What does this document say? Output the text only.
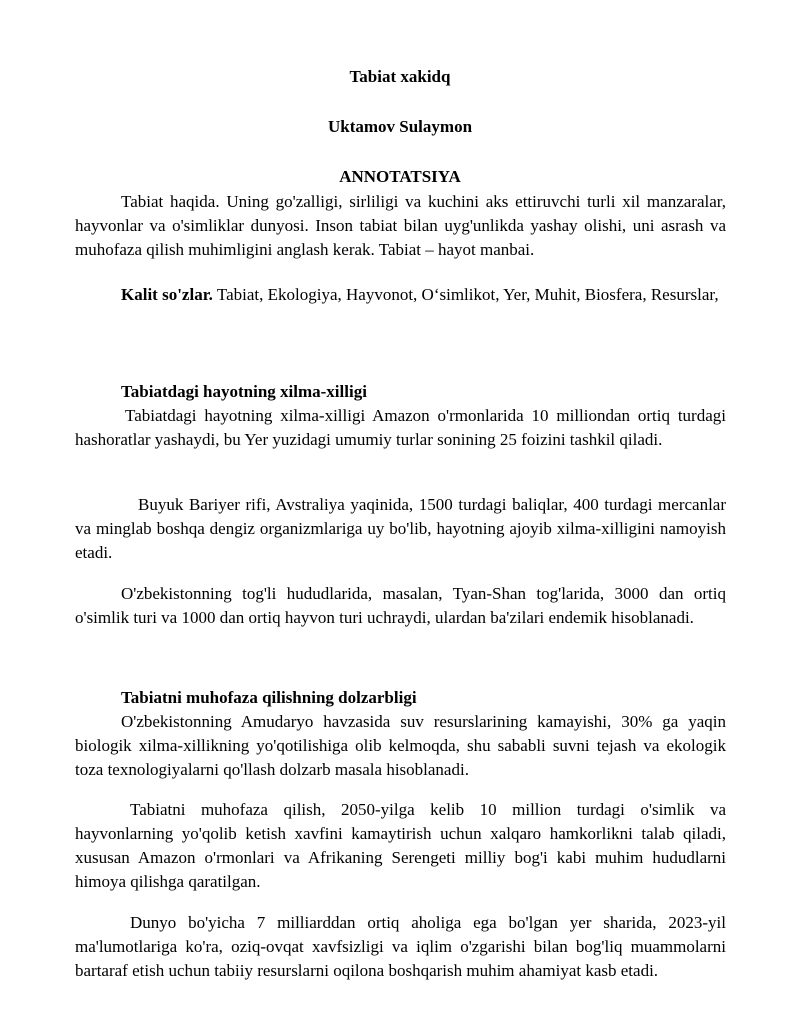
Tabiat xakidq
Uktamov Sulaymon
ANNOTATSIYA
Tabiat haqida. Uning go'zalligi, sirliligi va kuchini aks ettiruvchi turli xil manzaralar, hayvonlar va o'simliklar dunyosi. Inson tabiat bilan uyg'unlikda yashay olishi, uni asrash va muhofaza qilish muhimligini anglash kerak. Tabiat – hayot manbai.
Kalit so'zlar. Tabiat, Ekologiya, Hayvonot, O‘simlikot, Yer, Muhit, Biosfera, Resurslar,
Tabiatdagi hayotning xilma-xilligi
Tabiatdagi hayotning xilma-xilligi Amazon o'rmonlarida 10 milliondan ortiq turdagi hashoratlar yashaydi, bu Yer yuzidagi umumiy turlar sonining 25 foizini tashkil qiladi.
Buyuk Bariyer rifi, Avstraliya yaqinida, 1500 turdagi baliqlar, 400 turdagi mercanlar va minglab boshqa dengiz organizmlariga uy bo'lib, hayotning ajoyib xilma-xilligini namoyish etadi.
O'zbekistonning tog'li hududlarida, masalan, Tyan-Shan tog'larida, 3000 dan ortiq o'simlik turi va 1000 dan ortiq hayvon turi uchraydi, ulardan ba'zilari endemik hisoblanadi.
Tabiatni muhofaza qilishning dolzarbligi
O'zbekistonning Amudaryo havzasida suv resurslarining kamayishi, 30% ga yaqin biologik xilma-xillikning yo'qotilishiga olib kelmoqda, shu sababli suvni tejash va ekologik toza texnologiyalarni qo'llash dolzarb masala hisoblanadi.
Tabiatni muhofaza qilish, 2050-yilga kelib 10 million turdagi o'simlik va hayvonlarning yo'qolib ketish xavfini kamaytirish uchun xalqaro hamkorlikni talab qiladi, xususan Amazon o'rmonlari va Afrikaning Serengeti milliy bog'i kabi muhim hududlarni himoya qilishga qaratilgan.
Dunyo bo'yicha 7 milliarddan ortiq aholiga ega bo'lgan yer sharida, 2023-yil ma'lumotlariga ko'ra, oziq-ovqat xavfsizligi va iqlim o'zgarishi bilan bog'liq muammolarni bartaraf etish uchun tabiiy resurslarni oqilona boshqarish muhim ahamiyat kasb etadi.
